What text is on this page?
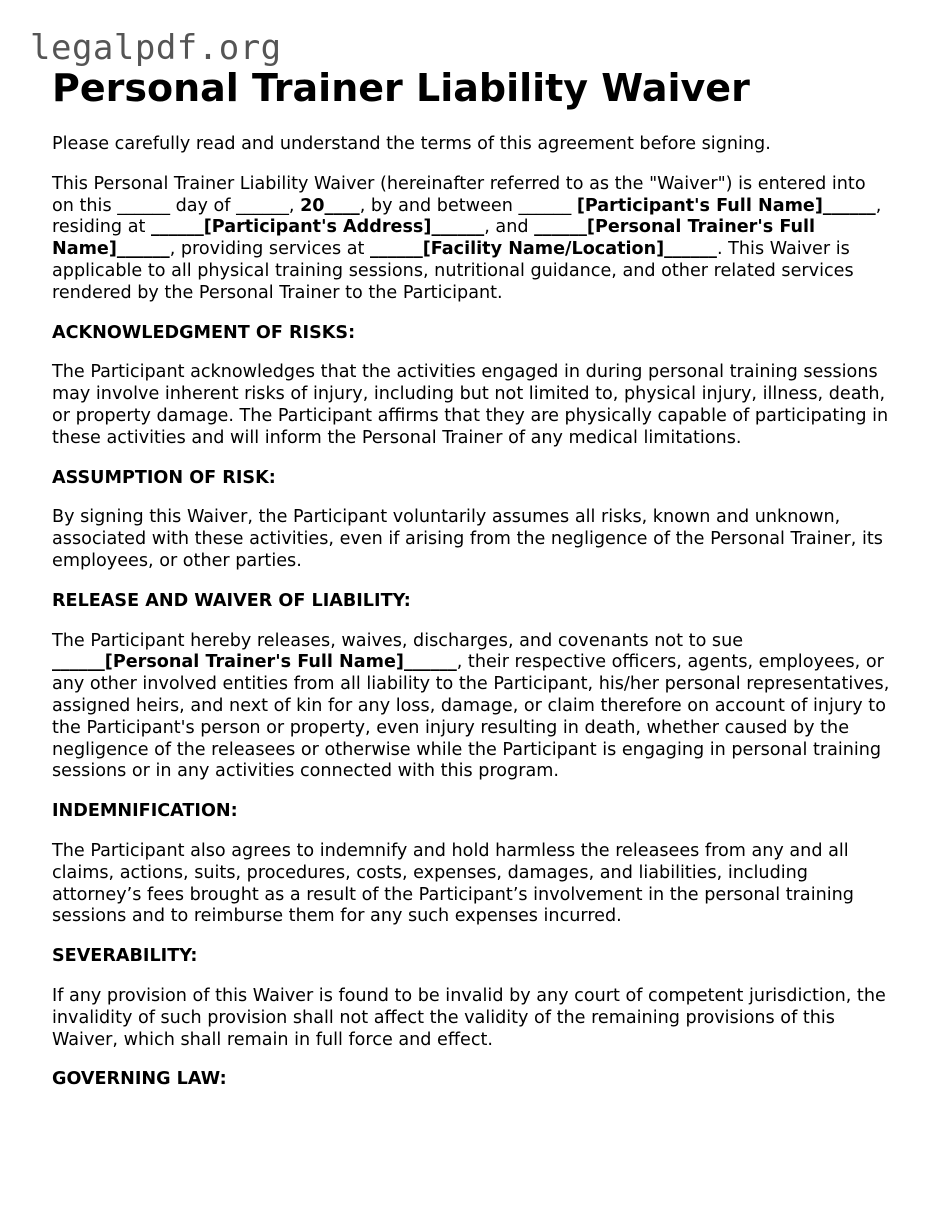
legalpdf.org
Personal Trainer Liability Waiver

Please carefully read and understand the terms of this agreement before signing.

This Personal Trainer Liability Waiver (hereinafter referred to as the "Waiver") is entered into on this ______ day of ______, 20____, by and between ______ [Participant's Full Name]______, residing at ______[Participant's Address]______, and ______[Personal Trainer's Full Name]______, providing services at ______[Facility Name/Location]______. This Waiver is applicable to all physical training sessions, nutritional guidance, and other related services rendered by the Personal Trainer to the Participant.

ACKNOWLEDGMENT OF RISKS:

The Participant acknowledges that the activities engaged in during personal training sessions may involve inherent risks of injury, including but not limited to, physical injury, illness, death, or property damage. The Participant affirms that they are physically capable of participating in these activities and will inform the Personal Trainer of any medical limitations.

ASSUMPTION OF RISK:

By signing this Waiver, the Participant voluntarily assumes all risks, known and unknown, associated with these activities, even if arising from the negligence of the Personal Trainer, its employees, or other parties.

RELEASE AND WAIVER OF LIABILITY:

The Participant hereby releases, waives, discharges, and covenants not to sue ______[Personal Trainer's Full Name]______, their respective officers, agents, employees, or any other involved entities from all liability to the Participant, his/her personal representatives, assigned heirs, and next of kin for any loss, damage, or claim therefore on account of injury to the Participant's person or property, even injury resulting in death, whether caused by the negligence of the releasees or otherwise while the Participant is engaging in personal training sessions or in any activities connected with this program.

INDEMNIFICATION:

The Participant also agrees to indemnify and hold harmless the releasees from any and all claims, actions, suits, procedures, costs, expenses, damages, and liabilities, including attorney’s fees brought as a result of the Participant’s involvement in the personal training sessions and to reimburse them for any such expenses incurred.

SEVERABILITY:

If any provision of this Waiver is found to be invalid by any court of competent jurisdiction, the invalidity of such provision shall not affect the validity of the remaining provisions of this Waiver, which shall remain in full force and effect.

GOVERNING LAW:
